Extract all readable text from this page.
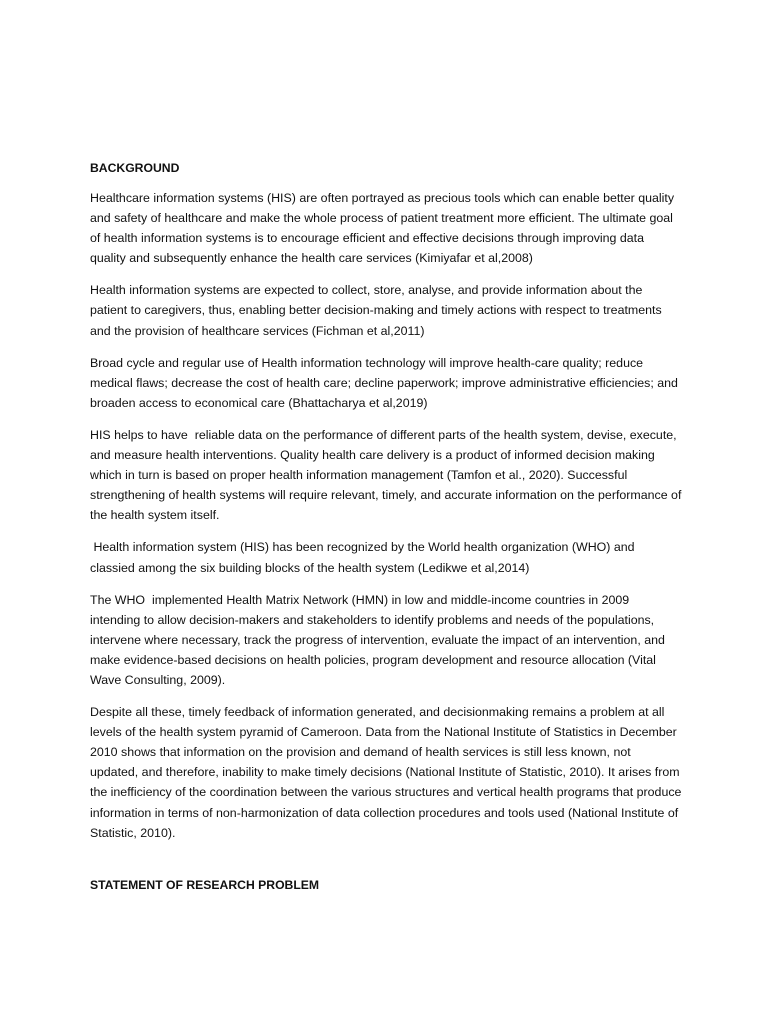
BACKGROUND

Healthcare information systems (HIS) are often portrayed as precious tools which can enable better quality and safety of healthcare and make the whole process of patient treatment more efficient. The ultimate goal of health information systems is to encourage efficient and effective decisions through improving data quality and subsequently enhance the health care services (Kimiyafar et al,2008)

Health information systems are expected to collect, store, analyse, and provide information about the patient to caregivers, thus, enabling better decision-making and timely actions with respect to treatments and the provision of healthcare services (Fichman et al,2011)

Broad cycle and regular use of Health information technology will improve health-care quality; reduce medical flaws; decrease the cost of health care; decline paperwork; improve administrative efficiencies; and broaden access to economical care (Bhattacharya et al,2019)

HIS helps to have  reliable data on the performance of different parts of the health system, devise, execute, and measure health interventions. Quality health care delivery is a product of informed decision making which in turn is based on proper health information management (Tamfon et al., 2020). Successful strengthening of health systems will require relevant, timely, and accurate information on the performance of the health system itself.

Health information system (HIS) has been recognized by the World health organization (WHO) and classied among the six building blocks of the health system (Ledikwe et al,2014)

The WHO  implemented Health Matrix Network (HMN) in low and middle-income countries in 2009 intending to allow decision-makers and stakeholders to identify problems and needs of the populations, intervene where necessary, track the progress of intervention, evaluate the impact of an intervention, and make evidence-based decisions on health policies, program development and resource allocation (Vital Wave Consulting, 2009).

Despite all these, timely feedback of information generated, and decisionmaking remains a problem at all levels of the health system pyramid of Cameroon. Data from the National Institute of Statistics in December 2010 shows that information on the provision and demand of health services is still less known, not updated, and therefore, inability to make timely decisions (National Institute of Statistic, 2010). It arises from the inefficiency of the coordination between the various structures and vertical health programs that produce information in terms of non-harmonization of data collection procedures and tools used (National Institute of Statistic, 2010).

STATEMENT OF RESEARCH PROBLEM
